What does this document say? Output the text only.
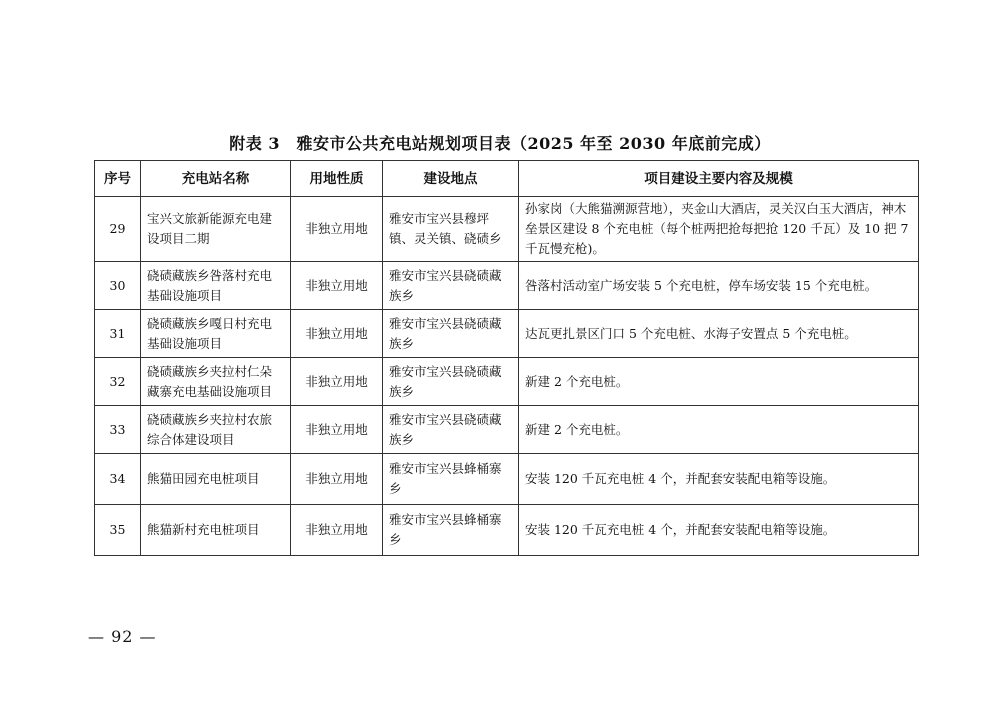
附表 3　雅安市公共充电站规划项目表（2025 年至 2030 年底前完成）
序号	充电站名称	用地性质	建设地点	项目建设主要内容及规模
29	宝兴文旅新能源充电建设项目二期	非独立用地	雅安市宝兴县穆坪镇、灵关镇、硗碛乡	孙家岗（大熊猫溯源营地），夹金山大酒店，灵关汉白玉大酒店，神木垒景区建设 8 个充电桩（每个桩两把抢每把抢 120 千瓦）及 10 把 7 千瓦慢充枪)。
30	硗碛藏族乡咎落村充电基础设施项目	非独立用地	雅安市宝兴县硗碛藏族乡	咎落村活动室广场安装 5 个充电桩，停车场安装 15 个充电桩。
31	硗碛藏族乡嘎日村充电基础设施项目	非独立用地	雅安市宝兴县硗碛藏族乡	达瓦更扎景区门口 5 个充电桩、水海子安置点 5 个充电桩。
32	硗碛藏族乡夹拉村仁朵藏寨充电基础设施项目	非独立用地	雅安市宝兴县硗碛藏族乡	新建 2 个充电桩。
33	硗碛藏族乡夹拉村农旅综合体建设项目	非独立用地	雅安市宝兴县硗碛藏族乡	新建 2 个充电桩。
34	熊猫田园充电桩项目	非独立用地	雅安市宝兴县蜂桶寨乡	安装 120 千瓦充电桩 4 个，并配套安装配电箱等设施。
35	熊猫新村充电桩项目	非独立用地	雅安市宝兴县蜂桶寨乡	安装 120 千瓦充电桩 4 个，并配套安装配电箱等设施。
— 92 —
